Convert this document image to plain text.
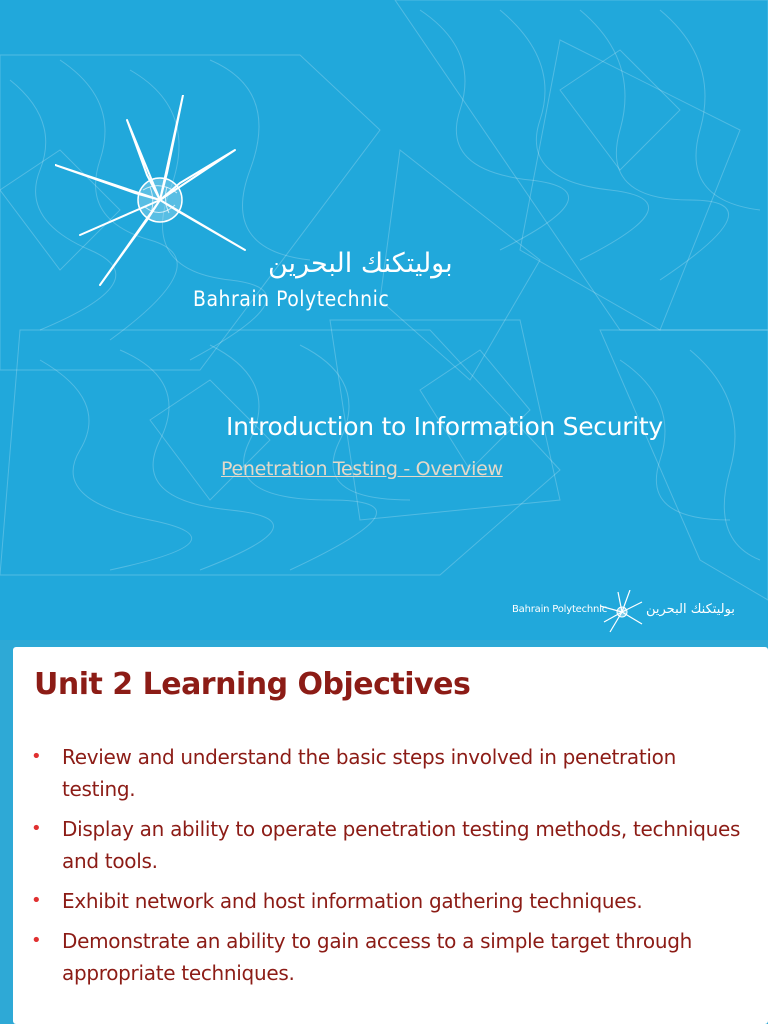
بوليتكنك البحرين
Bahrain Polytechnic
Introduction to Information Security
Penetration Testing - Overview
Bahrain Polytechnic	بوليتكنك البحرين
Unit 2 Learning Objectives
• Review and understand the basic steps involved in penetration testing.
• Display an ability to operate penetration testing methods, techniques and tools.
• Exhibit network and host information gathering techniques.
• Demonstrate an ability to gain access to a simple target through appropriate techniques.
